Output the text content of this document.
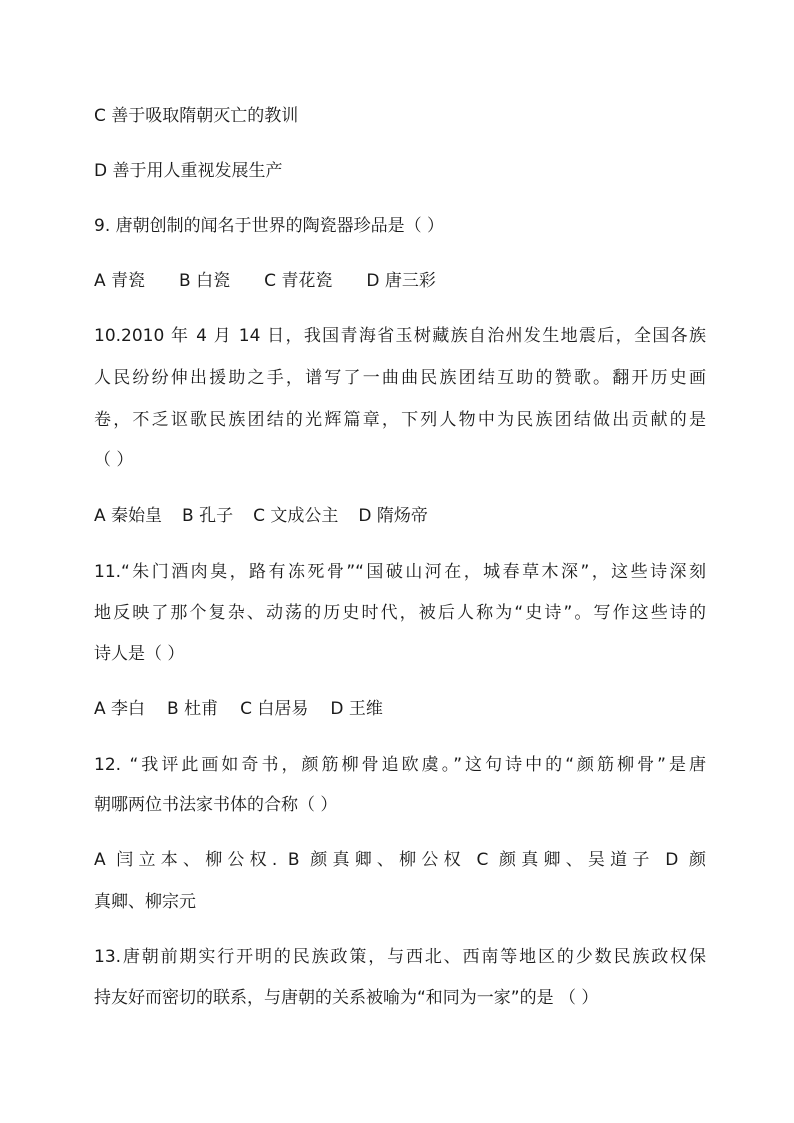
C 善于吸取隋朝灭亡的教训
D 善于用人重视发展生产
9. 唐朝创制的闻名于世界的陶瓷器珍品是（ ）
A 青瓷 B 白瓷 C 青花瓷 D 唐三彩
10.2010 年 4 月 14 日，我国青海省玉树藏族自治州发生地震后，全国各族
人民纷纷伸出援助之手，谱写了一曲曲民族团结互助的赞歌。翻开历史画
卷，不乏讴歌民族团结的光辉篇章，下列人物中为民族团结做出贡献的是
（ ）
A 秦始皇 B 孔子 C 文成公主 D 隋炀帝
11.“朱门酒肉臭，路有冻死骨”“国破山河在，城春草木深”，这些诗深刻
地反映了那个复杂、动荡的历史时代，被后人称为“史诗”。写作这些诗的
诗人是（ ）
A 李白 B 杜甫 C 白居易 D 王维
12. “我评此画如奇书，颜筋柳骨追欧虞。”这句诗中的“颜筋柳骨”是唐
朝哪两位书法家书体的合称（ ）
A 闫立本、柳公权. B 颜真卿、柳公权 C 颜真卿、吴道子 D 颜
真卿、柳宗元
13.唐朝前期实行开明的民族政策，与西北、西南等地区的少数民族政权保
持友好而密切的联系，与唐朝的关系被喻为“和同为一家”的是 （ ）
